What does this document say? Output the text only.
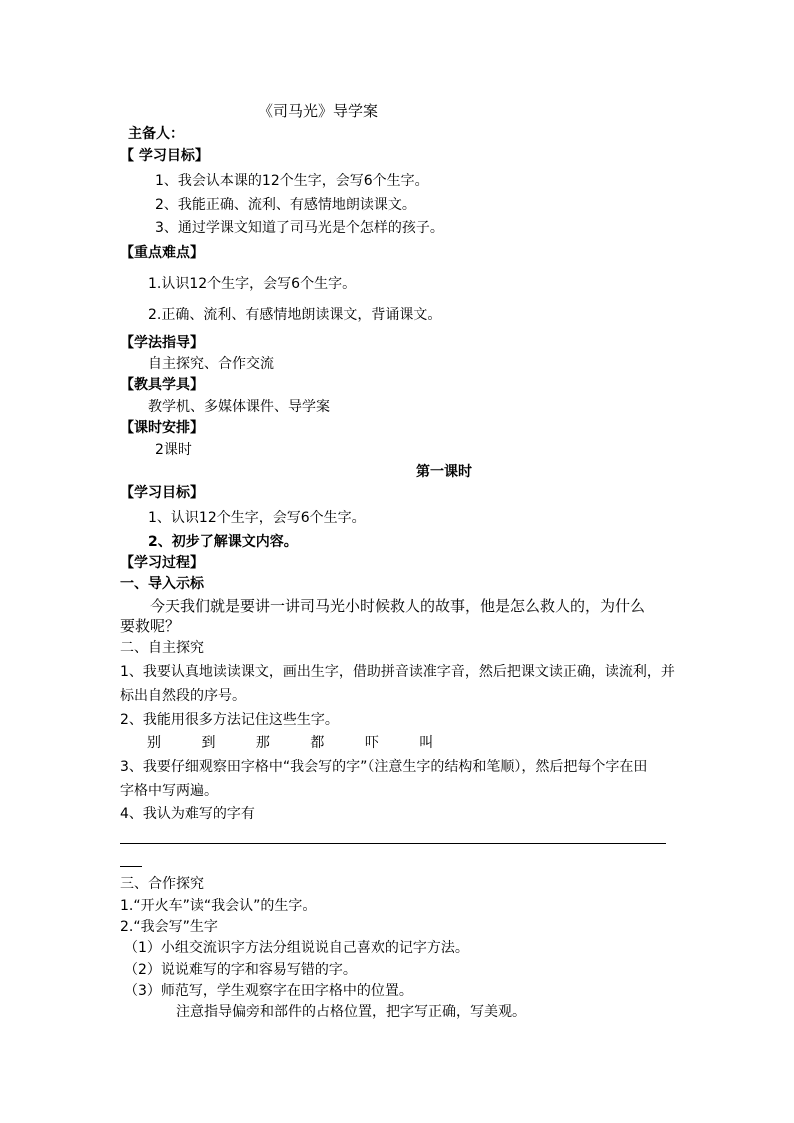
《司马光》导学案
主备人：
【 学习目标】
1、我会认本课的12个生字，会写6个生字。
2、我能正确、流利、有感情地朗读课文。
3、通过学课文知道了司马光是个怎样的孩子。
【重点难点】
1.认识12个生字，会写6个生字。
2.正确、流利、有感情地朗读课文，背诵课文。
【学法指导】
自主探究、合作交流
【教具学具】
教学机、多媒体课件、导学案
【课时安排】
2课时
第一课时
【学习目标】
1、认识12个生字，会写6个生字。
2、初步了解课文内容。
【学习过程】
一、导入示标
今天我们就是要讲一讲司马光小时候救人的故事，他是怎么救人的，为什么
要救呢？
二、自主探究
1、我要认真地读读课文，画出生字，借助拼音读准字音，然后把课文读正确，读流利，并
标出自然段的序号。
2、我能用很多方法记住这些生字。
别	到	那	都	吓	叫
3、我要仔细观察田字格中“我会写的字”（注意生字的结构和笔顺），然后把每个字在田
字格中写两遍。
4、我认为难写的字有
三、合作探究
1.“开火车”读“我会认”的生字。
2.“我会写”生字
（1）小组交流识字方法分组说说自己喜欢的记字方法。
（2）说说难写的字和容易写错的字。
（3）师范写，学生观察字在田字格中的位置。
注意指导偏旁和部件的占格位置，把字写正确，写美观。
